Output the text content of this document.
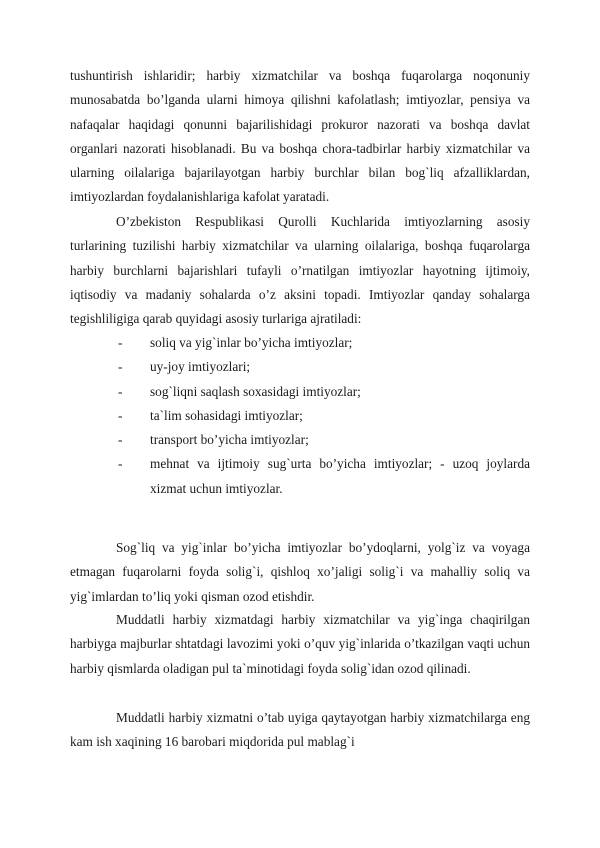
tushuntirish ishlaridir; harbiy xizmatchilar va boshqa fuqarolarga noqonuniy munosabatda bo’lganda ularni himoya qilishni kafolatlash; imtiyozlar, pensiya va nafaqalar haqidagi qonunni bajarilishidagi prokuror nazorati va boshqa davlat organlari nazorati hisoblanadi. Bu va boshqa chora-tadbirlar harbiy xizmatchilar va ularning oilalariga bajarilayotgan harbiy burchlar bilan bog`liq afzalliklardan, imtiyozlardan foydalanishlariga kafolat yaratadi.

O’zbekiston Respublikasi Qurolli Kuchlarida imtiyozlarning asosiy turlarining tuzilishi harbiy xizmatchilar va ularning oilalariga, boshqa fuqarolarga harbiy burchlarni bajarishlari tufayli o’rnatilgan imtiyozlar hayotning ijtimoiy, iqtisodiy va madaniy sohalarda o’z aksini topadi. Imtiyozlar qanday sohalarga tegishliligiga qarab quyidagi asosiy turlariga ajratiladi:

- soliq va yig`inlar bo’yicha imtiyozlar;
- uy-joy imtiyozlari;
- sog`liqni saqlash soxasidagi imtiyozlar;
- ta`lim sohasidagi imtiyozlar;
- transport bo’yicha imtiyozlar;
- mehnat va ijtimoiy sug`urta bo’yicha imtiyozlar; - uzoq joylarda xizmat uchun imtiyozlar.

Sog`liq va yig`inlar bo’yicha imtiyozlar bo’ydoqlarni, yolg`iz va voyaga etmagan fuqarolarni foyda solig`i, qishloq xo’jaligi solig`i va mahalliy soliq va yig`imlardan to’liq yoki qisman ozod etishdir.

Muddatli harbiy xizmatdagi harbiy xizmatchilar va yig`inga chaqirilgan harbiyga majburlar shtatdagi lavozimi yoki o’quv yig`inlarida o’tkazilgan vaqti uchun harbiy qismlarda oladigan pul ta`minotidagi foyda solig`idan ozod qilinadi.

Muddatli harbiy xizmatni o’tab uyiga qaytayotgan harbiy xizmatchilarga eng kam ish xaqining 16 barobari miqdorida pul mablag`i
